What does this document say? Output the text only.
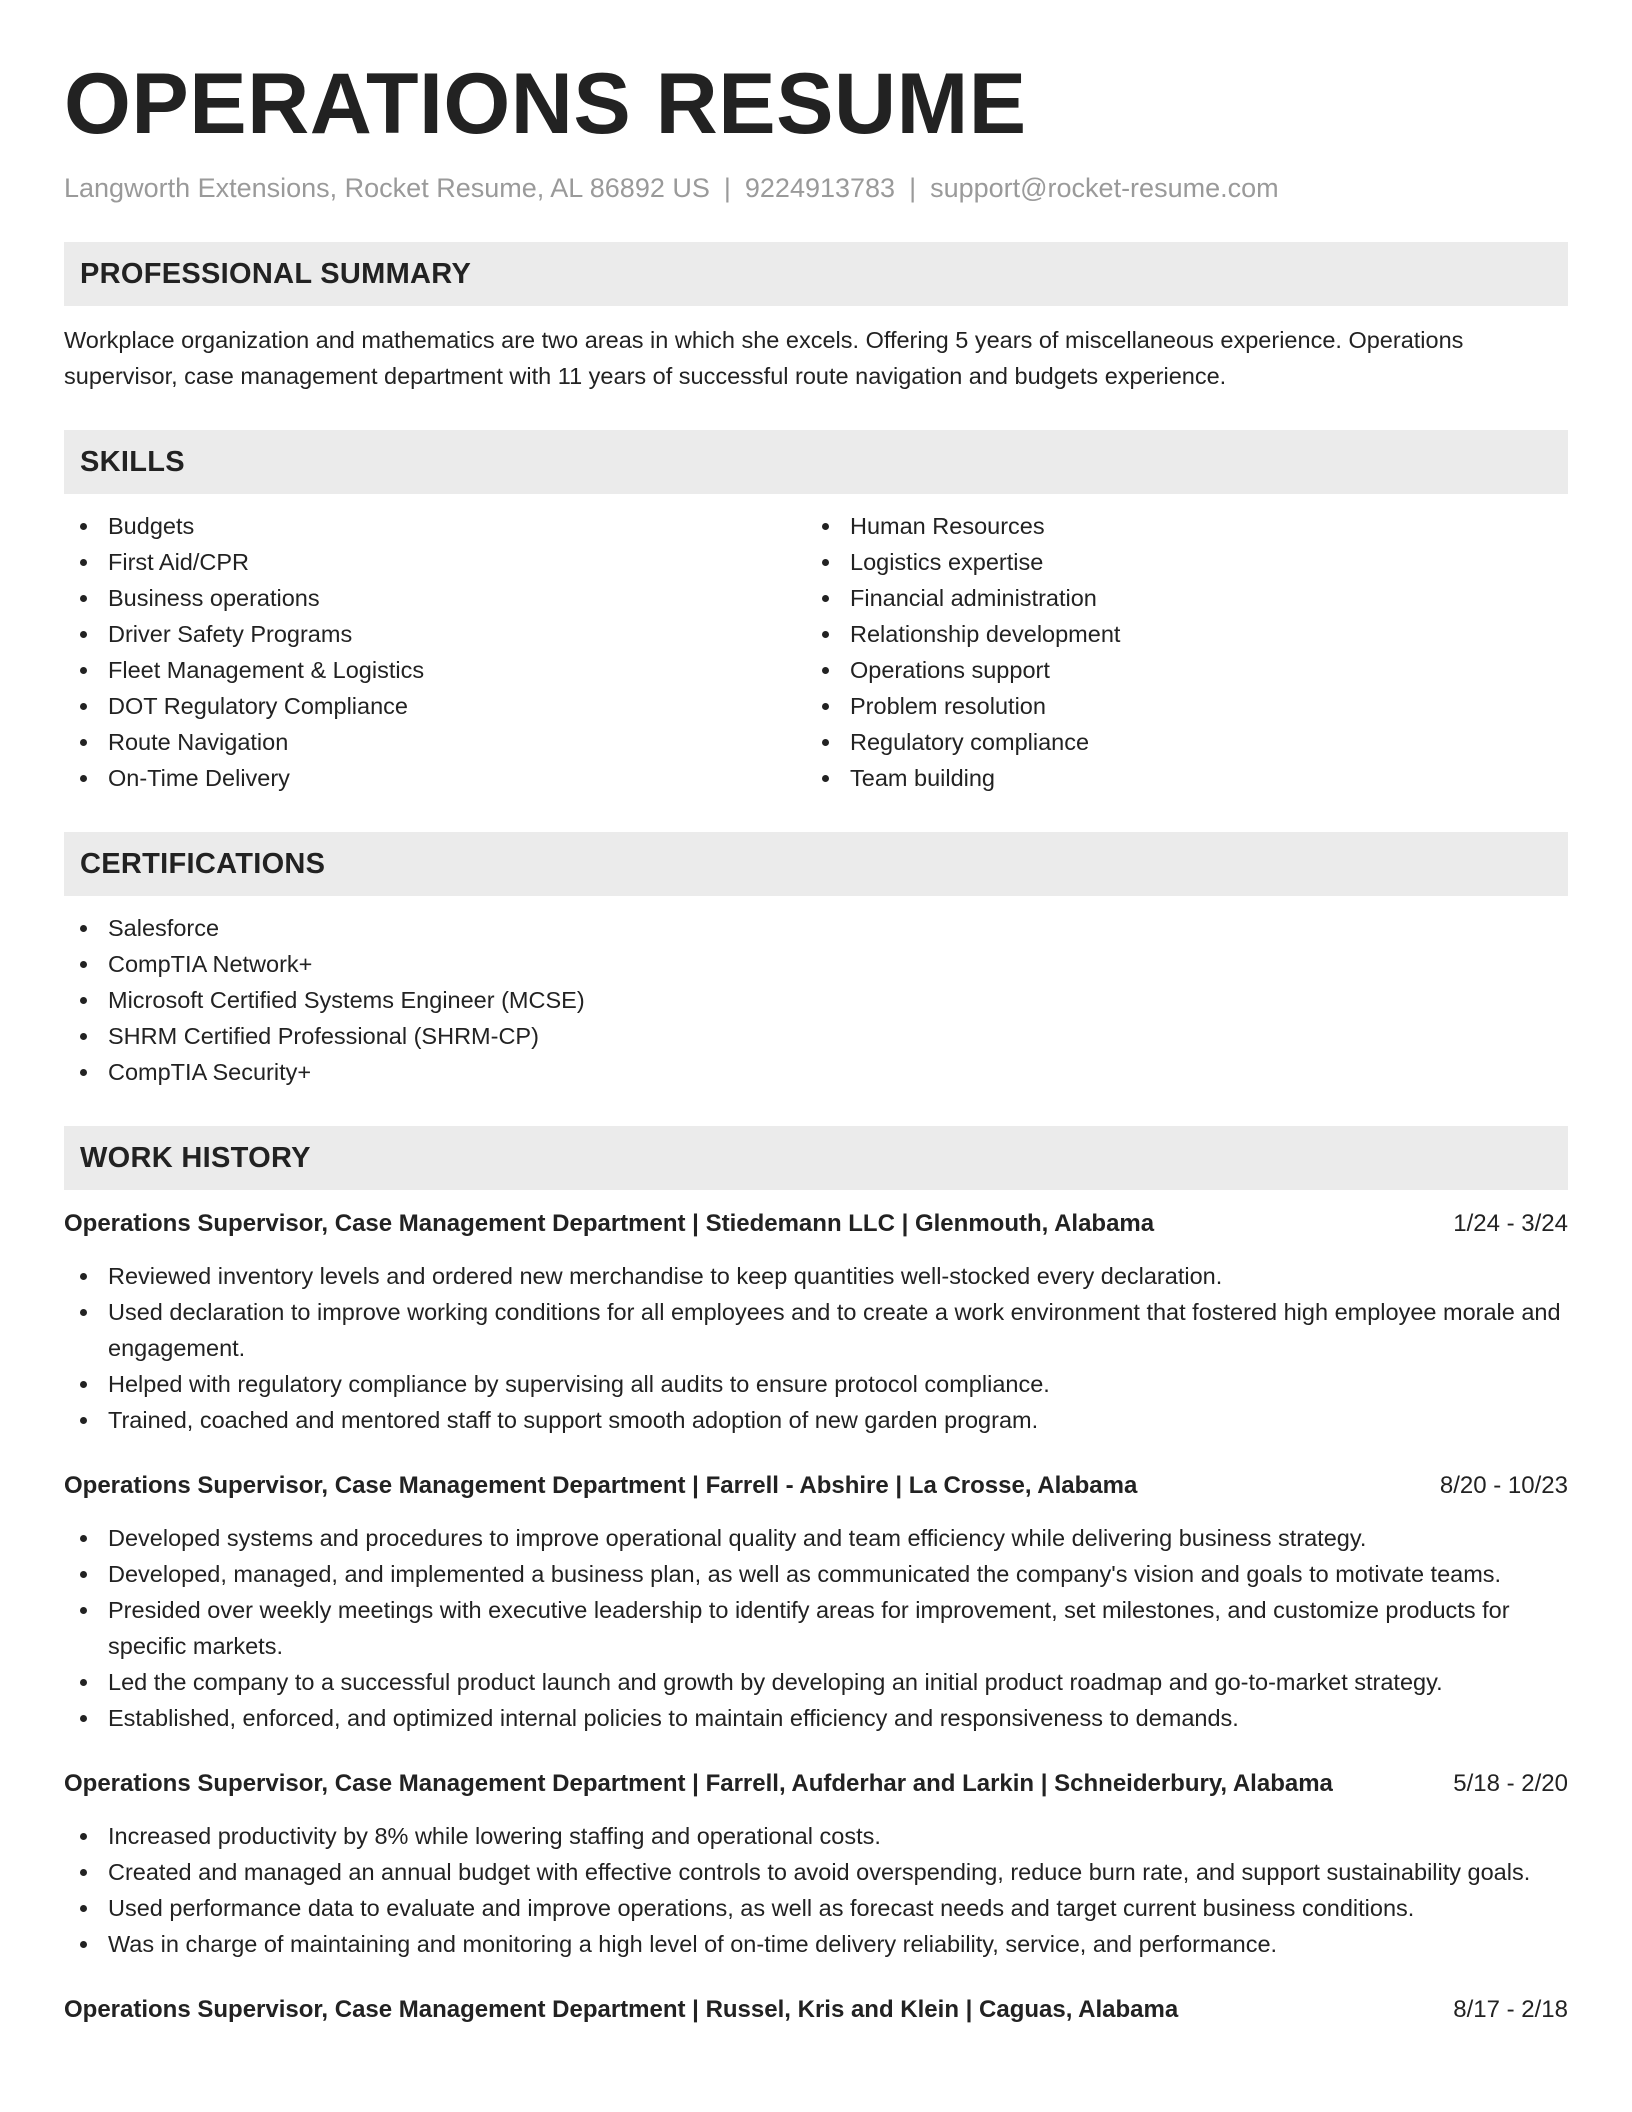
OPERATIONS RESUME
Langworth Extensions, Rocket Resume, AL 86892 US | 9224913783 | support@rocket-resume.com
PROFESSIONAL SUMMARY

Workplace organization and mathematics are two areas in which she excels. Offering 5 years of miscellaneous experience. Operations supervisor, case management department with 11 years of successful route navigation and budgets experience.

SKILLS
Budgets
First Aid/CPR
Business operations
Driver Safety Programs
Fleet Management & Logistics
DOT Regulatory Compliance
Route Navigation
On-Time Delivery
Human Resources
Logistics expertise
Financial administration
Relationship development
Operations support
Problem resolution
Regulatory compliance
Team building
CERTIFICATIONS
Salesforce
CompTIA Network+
Microsoft Certified Systems Engineer (MCSE)
SHRM Certified Professional (SHRM-CP)
CompTIA Security+
WORK HISTORY
Operations Supervisor, Case Management Department | Stiedemann LLC | Glenmouth, Alabama	1/24 - 3/24
Reviewed inventory levels and ordered new merchandise to keep quantities well-stocked every declaration.
Used declaration to improve working conditions for all employees and to create a work environment that fostered high employee morale and engagement.
Helped with regulatory compliance by supervising all audits to ensure protocol compliance.
Trained, coached and mentored staff to support smooth adoption of new garden program.
Operations Supervisor, Case Management Department | Farrell - Abshire | La Crosse, Alabama	8/20 - 10/23
Developed systems and procedures to improve operational quality and team efficiency while delivering business strategy.
Developed, managed, and implemented a business plan, as well as communicated the company's vision and goals to motivate teams.
Presided over weekly meetings with executive leadership to identify areas for improvement, set milestones, and customize products for specific markets.
Led the company to a successful product launch and growth by developing an initial product roadmap and go-to-market strategy.
Established, enforced, and optimized internal policies to maintain efficiency and responsiveness to demands.
Operations Supervisor, Case Management Department | Farrell, Aufderhar and Larkin | Schneiderbury, Alabama	5/18 - 2/20
Increased productivity by 8% while lowering staffing and operational costs.
Created and managed an annual budget with effective controls to avoid overspending, reduce burn rate, and support sustainability goals.
Used performance data to evaluate and improve operations, as well as forecast needs and target current business conditions.
Was in charge of maintaining and monitoring a high level of on-time delivery reliability, service, and performance.
Operations Supervisor, Case Management Department | Russel, Kris and Klein | Caguas, Alabama	8/17 - 2/18
